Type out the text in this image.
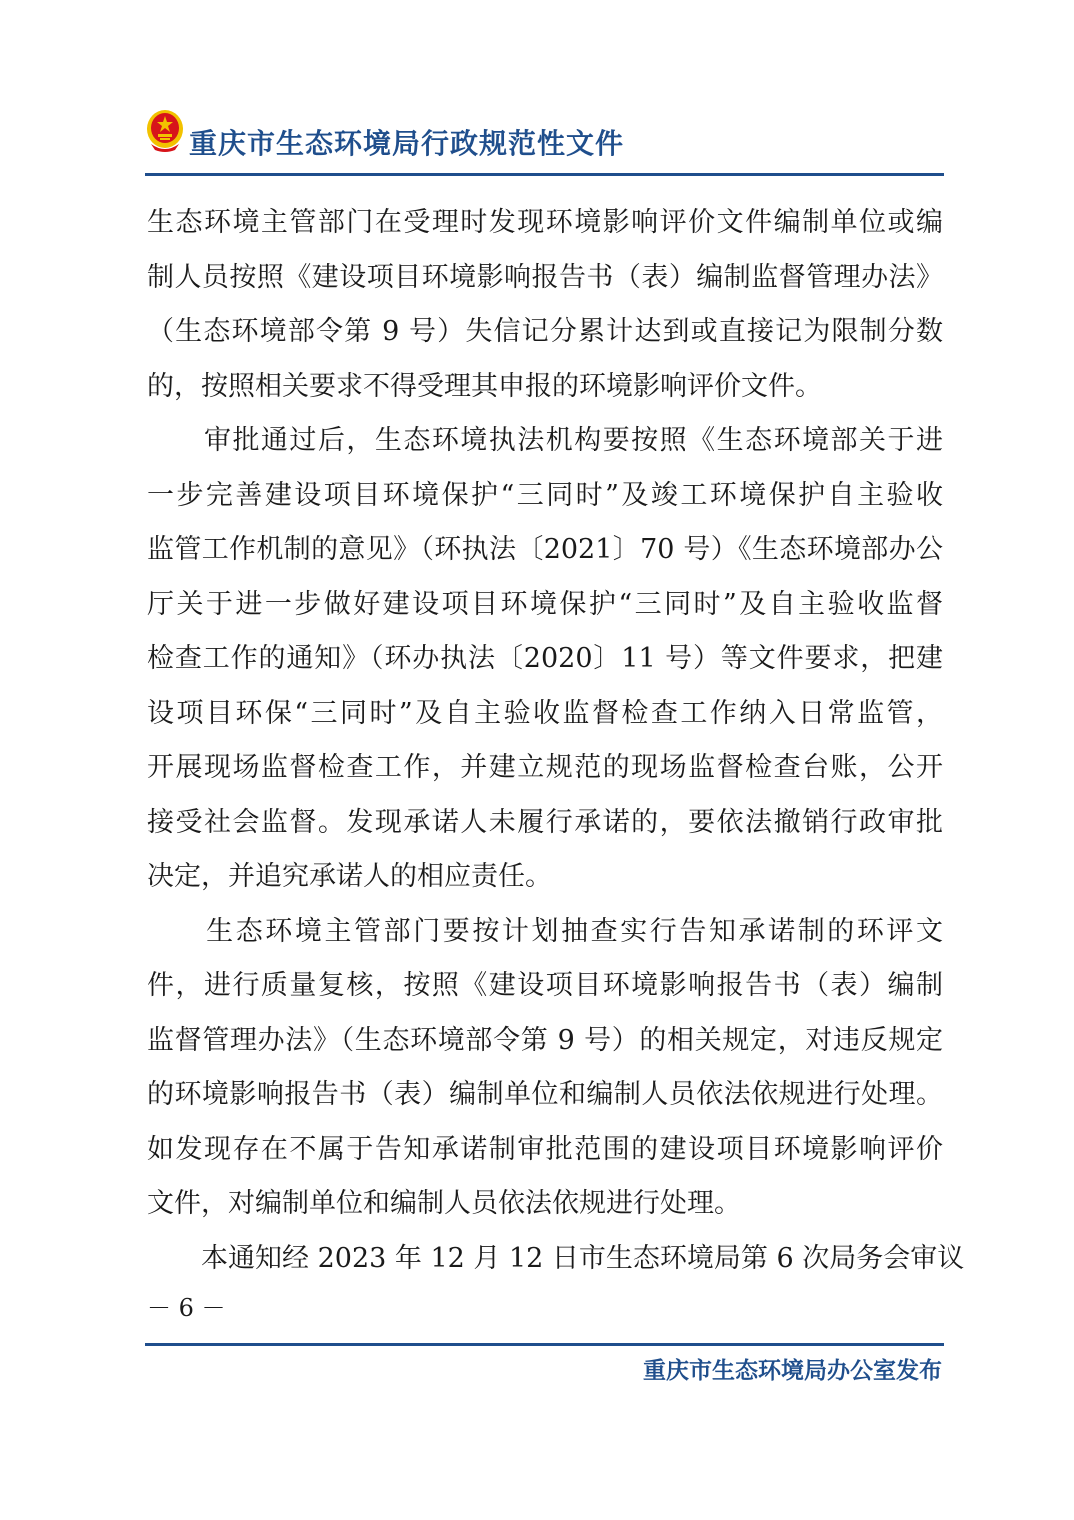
重庆市生态环境局行政规范性文件
生态环境主管部门在受理时发现环境影响评价文件编制单位或编
制人员按照《建设项目环境影响报告书（表）编制监督管理办法》
（生态环境部令第 9 号）失信记分累计达到或直接记为限制分数
的，按照相关要求不得受理其申报的环境影响评价文件。
　　审批通过后，生态环境执法机构要按照《生态环境部关于进
一步完善建设项目环境保护“三同时”及竣工环境保护自主验收
监管工作机制的意见》（环执法〔2021〕70 号）《生态环境部办公
厅关于进一步做好建设项目环境保护“三同时”及自主验收监督
检查工作的通知》（环办执法〔2020〕11 号）等文件要求，把建
设项目环保“三同时”及自主验收监督检查工作纳入日常监管，
开展现场监督检查工作，并建立规范的现场监督检查台账，公开
接受社会监督。发现承诺人未履行承诺的，要依法撤销行政审批
决定，并追究承诺人的相应责任。
　　生态环境主管部门要按计划抽查实行告知承诺制的环评文
件，进行质量复核，按照《建设项目环境影响报告书（表）编制
监督管理办法》（生态环境部令第 9 号）的相关规定，对违反规定
的环境影响报告书（表）编制单位和编制人员依法依规进行处理。
如发现存在不属于告知承诺制审批范围的建设项目环境影响评价
文件，对编制单位和编制人员依法依规进行处理。
　　本通知经 2023 年 12 月 12 日市生态环境局第 6 次局务会审议
－ 6 －
重庆市生态环境局办公室发布
